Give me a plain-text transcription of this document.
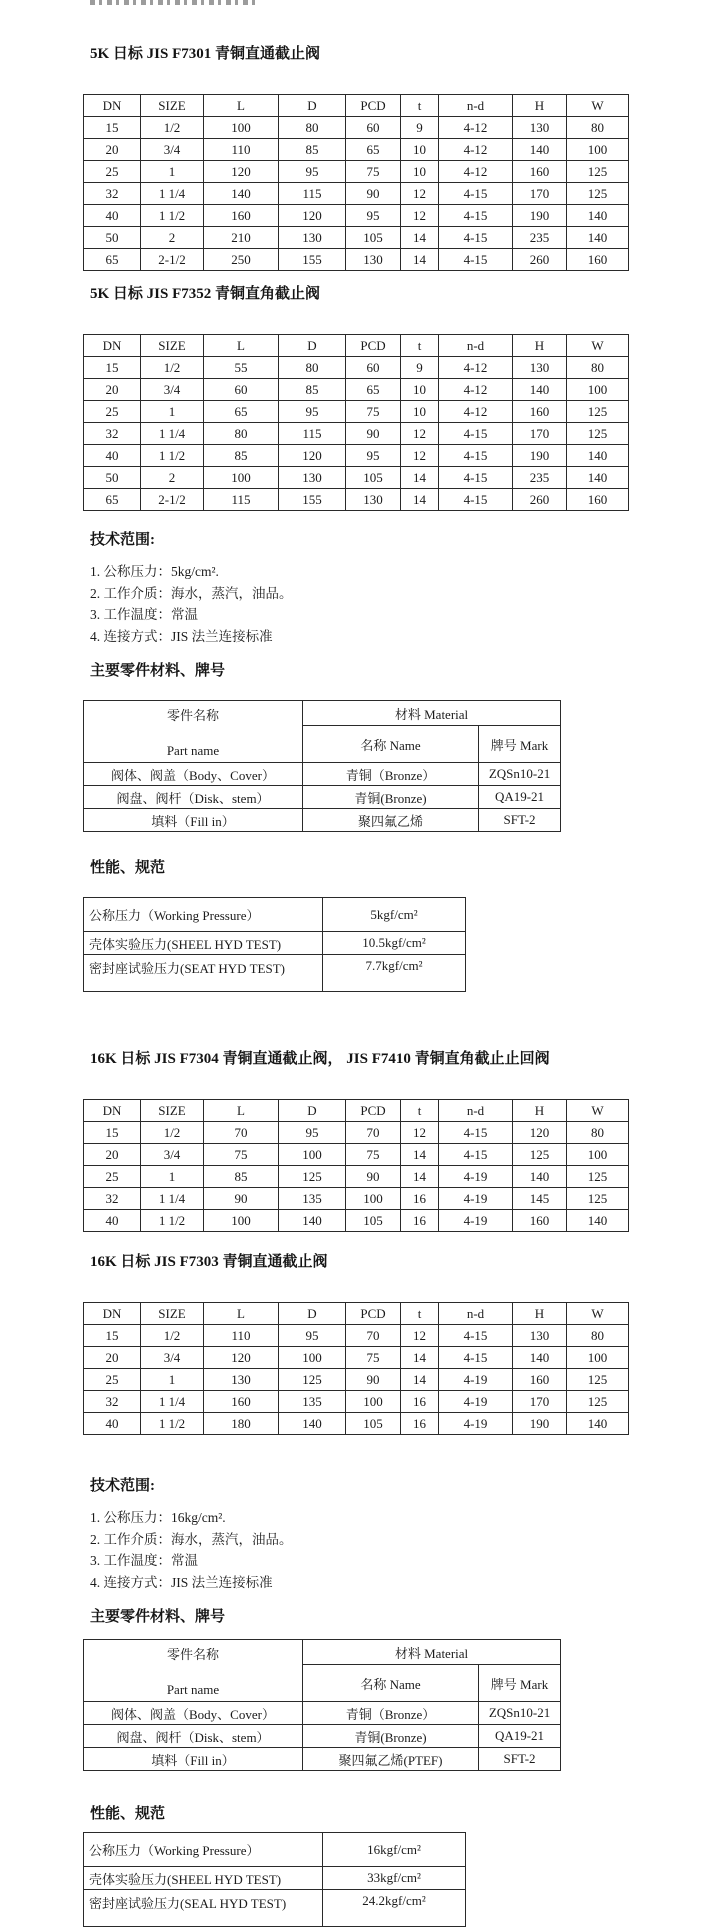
5K 日标 JIS F7301 青铜直通截止阀
DN	SIZE	L	D	PCD	t	n-d	H	W
15	1/2	100	80	60	9	4-12	130	80
20	3/4	110	85	65	10	4-12	140	100
25	1	120	95	75	10	4-12	160	125
32	1 1/4	140	115	90	12	4-15	170	125
40	1 1/2	160	120	95	12	4-15	190	140
50	2	210	130	105	14	4-15	235	140
65	2-1/2	250	155	130	14	4-15	260	160
5K 日标 JIS F7352 青铜直角截止阀
DN	SIZE	L	D	PCD	t	n-d	H	W
15	1/2	55	80	60	9	4-12	130	80
20	3/4	60	85	65	10	4-12	140	100
25	1	65	95	75	10	4-12	160	125
32	1 1/4	80	115	90	12	4-15	170	125
40	1 1/2	85	120	95	12	4-15	190	140
50	2	100	130	105	14	4-15	235	140
65	2-1/2	115	155	130	14	4-15	260	160
技术范围:
1. 公称压力：5kg/cm².
2. 工作介质：海水，蒸汽，油品。
3. 工作温度：常温
4. 连接方式：JIS 法兰连接标准
主要零件材料、牌号
零件名称
Part name	材料 Material	
	名称 Name	牌号 Mark
阀体、阀盖（Body、Cover）	青铜（Bronze）	ZQSn10-21
阀盘、阀杆（Disk、stem）	青铜(Bronze)	QA19-21
填料（Fill in）	聚四氟乙烯	SFT-2
性能、规范
公称压力（Working Pressure）	5kgf/cm²
壳体实验压力(SHEEL HYD TEST)	10.5kgf/cm²
密封座试验压力(SEAT HYD TEST)	7.7kgf/cm²
16K 日标 JIS F7304 青铜直通截止阀， JIS F7410 青铜直角截止止回阀
DN	SIZE	L	D	PCD	t	n-d	H	W
15	1/2	70	95	70	12	4-15	120	80
20	3/4	75	100	75	14	4-15	125	100
25	1	85	125	90	14	4-19	140	125
32	1 1/4	90	135	100	16	4-19	145	125
40	1 1/2	100	140	105	16	4-19	160	140
16K 日标 JIS F7303 青铜直通截止阀
DN	SIZE	L	D	PCD	t	n-d	H	W
15	1/2	110	95	70	12	4-15	130	80
20	3/4	120	100	75	14	4-15	140	100
25	1	130	125	90	14	4-19	160	125
32	1 1/4	160	135	100	16	4-19	170	125
40	1 1/2	180	140	105	16	4-19	190	140
技术范围:
1. 公称压力：16kg/cm².
2. 工作介质：海水，蒸汽，油品。
3. 工作温度：常温
4. 连接方式：JIS 法兰连接标准
主要零件材料、牌号
零件名称
Part name	材料 Material	
	名称 Name	牌号 Mark
阀体、阀盖（Body、Cover）	青铜（Bronze）	ZQSn10-21
阀盘、阀杆（Disk、stem）	青铜(Bronze)	QA19-21
填料（Fill in）	聚四氟乙烯(PTEF)	SFT-2
性能、规范
公称压力（Working Pressure）	16kgf/cm²
壳体实验压力(SHEEL HYD TEST)	33kgf/cm²
密封座试验压力(SEAL HYD TEST)	24.2kgf/cm²
